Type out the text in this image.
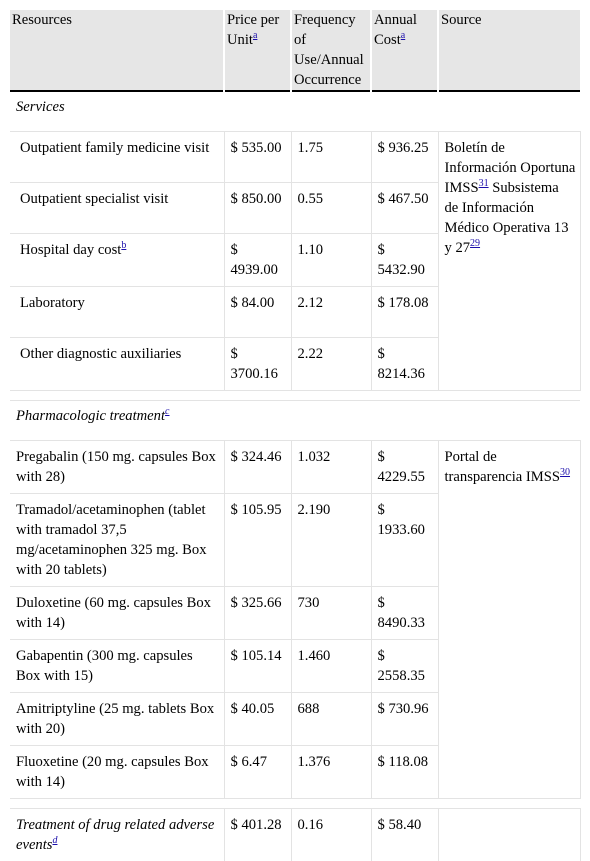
Resources	Price per Unit$^a$	Frequency of Use/Annual Occurrence	Annual Cost$^a$	Source
Services				
Outpatient family medicine visit	$ 535.00	1.75	$ 936.25	Boletín de Información Oportuna IMSS$^{31}$ Subsistema de Información Médico Operativa 13 y 27$^{29}$
Outpatient specialist visit	$ 850.00	0.55	$ 467.50	
Hospital day cost$^b$	$ 4939.00	1.10	$ 5432.90	
Laboratory	$ 84.00	2.12	$ 178.08	
Other diagnostic auxiliaries	$ 3700.16	2.22	$ 8214.36	

Pharmacologic treatment$^c$
Pregabalin (150 mg. capsules Box with 28)	$ 324.46	1.032	$ 4229.55	Portal de transparencia IMSS$^{30}$
Tramadol/acetaminophen (tablet with tramadol 37,5 mg/acetaminophen 325 mg. Box with 20 tablets)	$ 105.95	2.190	$ 1933.60	
Duloxetine (60 mg. capsules Box with 14)	$ 325.66	730	$ 8490.33	
Gabapentin (300 mg. capsules Box with 15)	$ 105.14	1.460	$ 2558.35	
Amitriptyline (25 mg. tablets Box with 20)	$ 40.05	688	$ 730.96	
Fluoxetine (20 mg. capsules Box with 14)	$ 6.47	1.376	$ 118.08	

Treatment of drug related adverse events$^d$	$ 401.28	0.16	$ 58.40	
